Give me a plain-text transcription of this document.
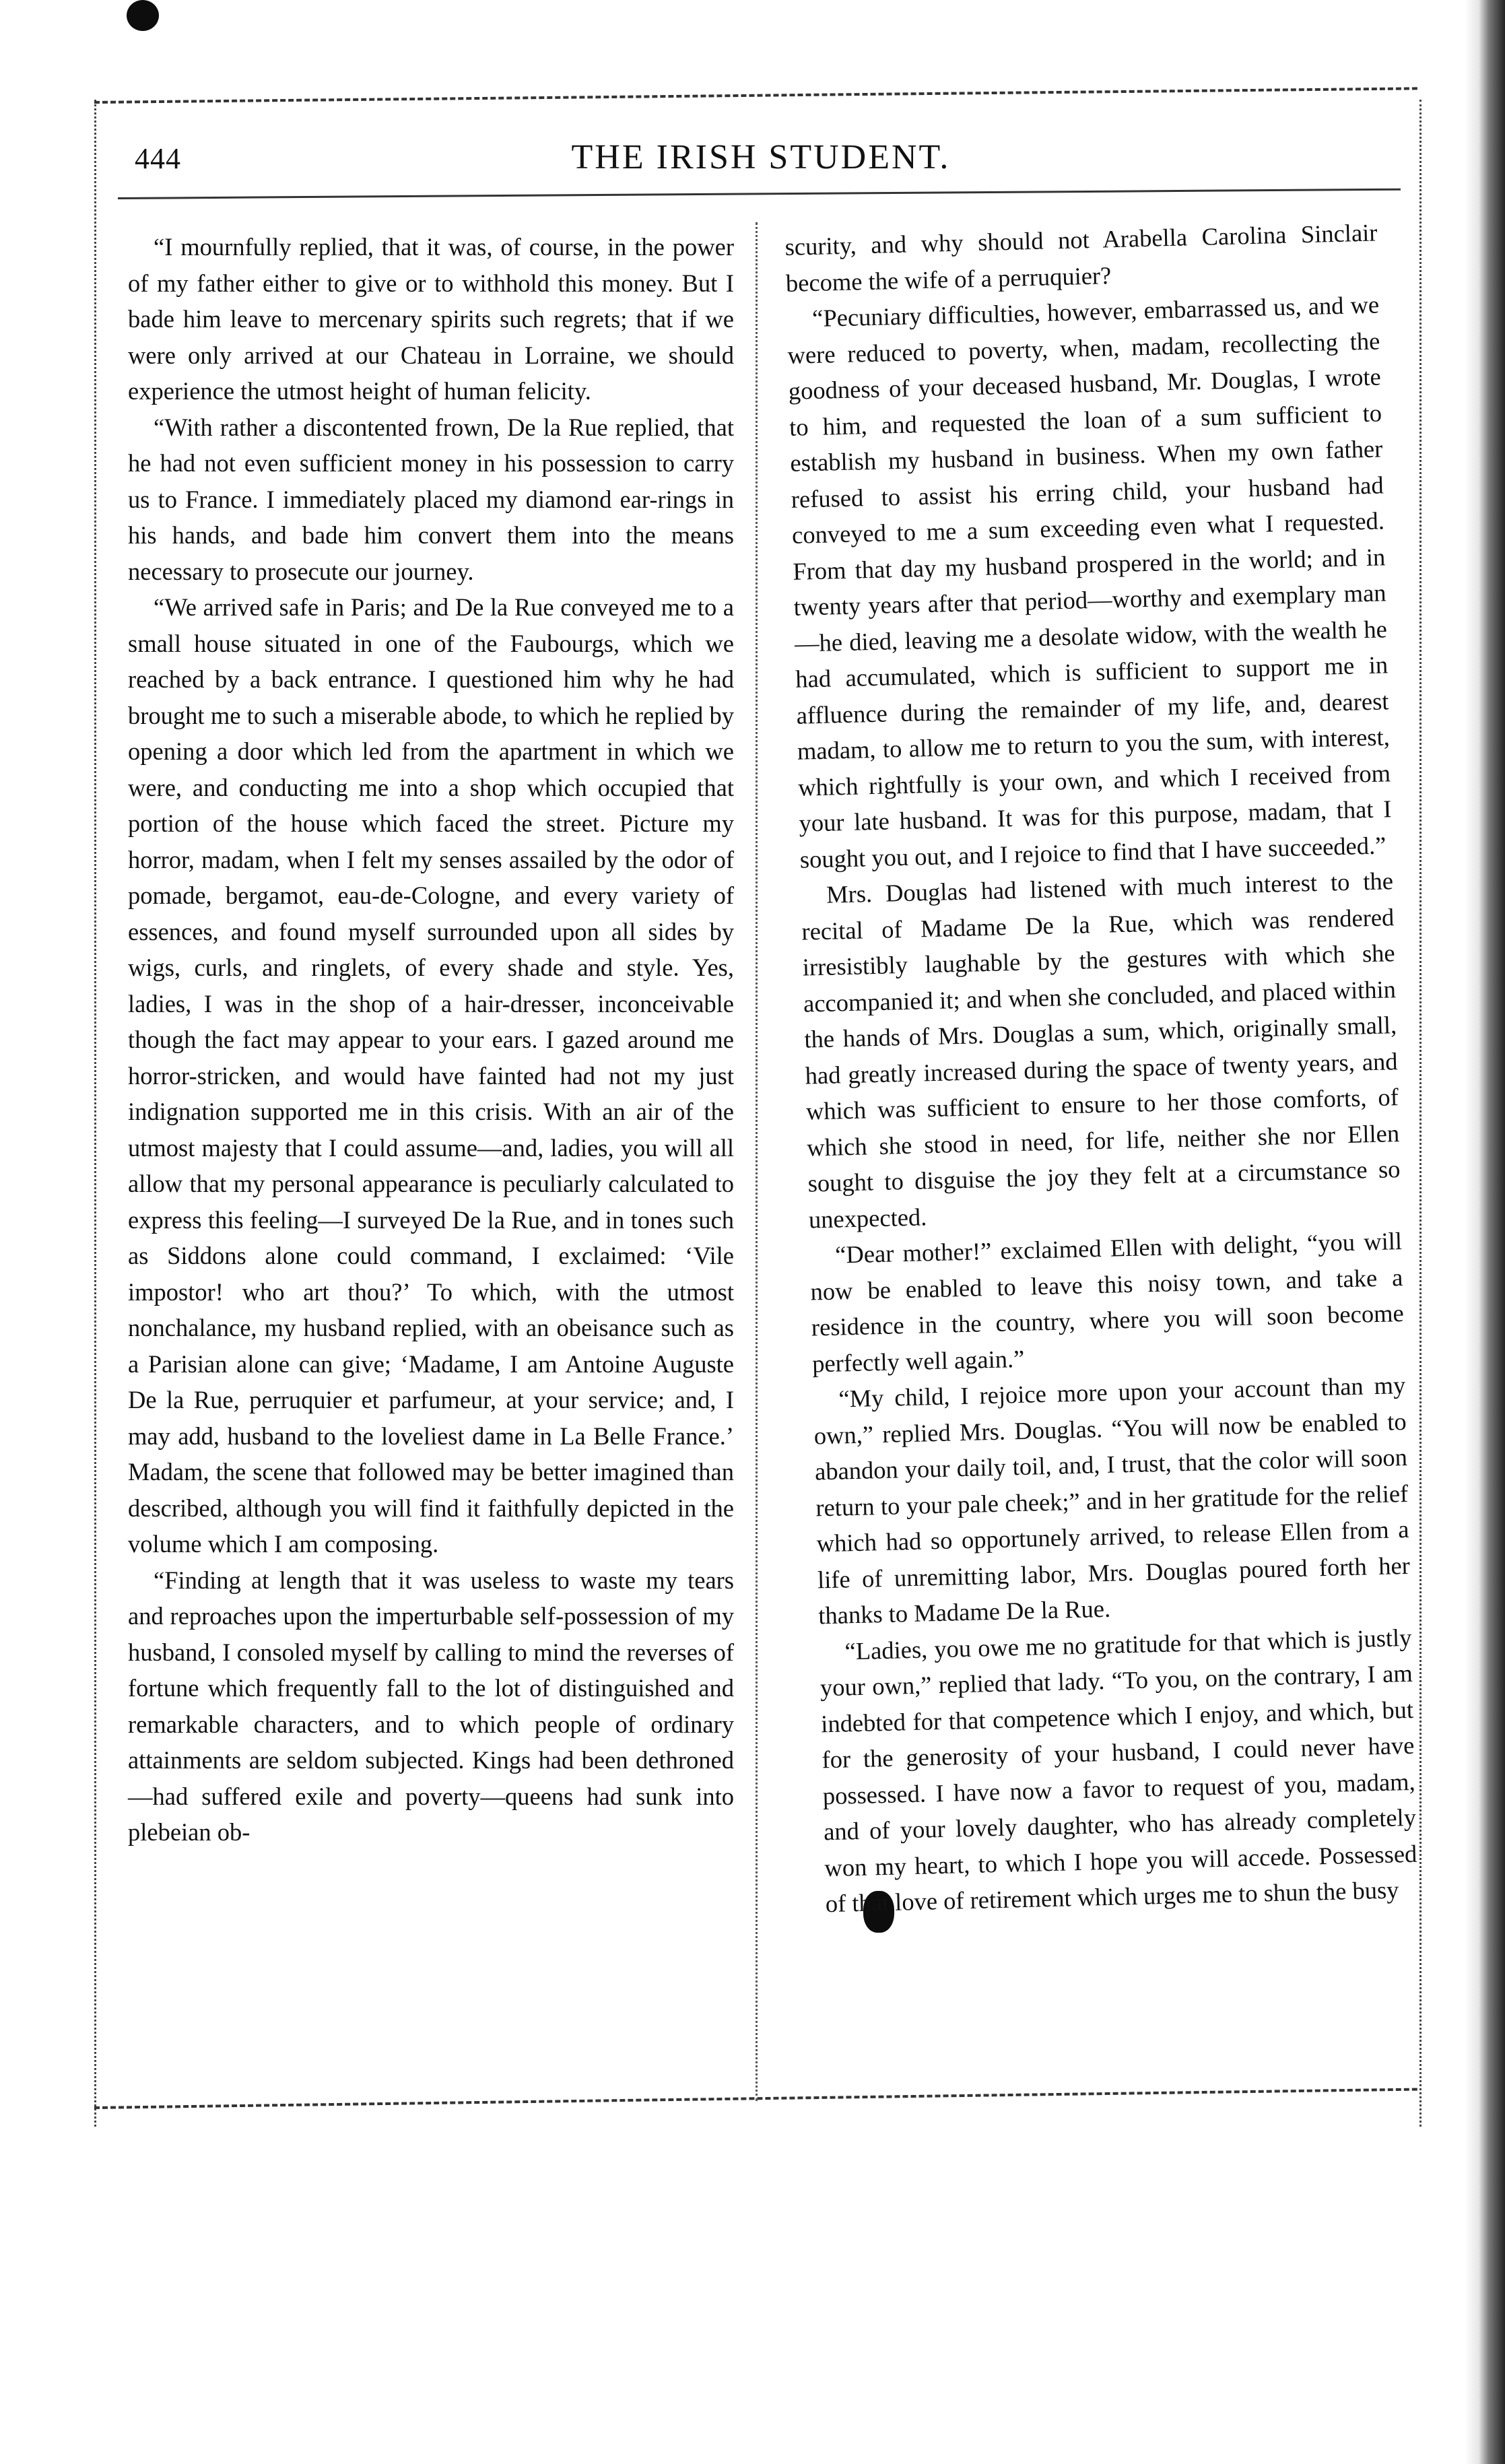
444	THE IRISH STUDENT.

“I mournfully replied, that it was, of course, in the power of my father either to give or to withhold this money. But I bade him leave to mercenary spirits such regrets; that if we were only arrived at our Chateau in Lorraine, we should experience the utmost height of human felicity.

“With rather a discontented frown, De la Rue replied, that he had not even sufficient money in his possession to carry us to France. I immediately placed my diamond ear-rings in his hands, and bade him convert them into the means necessary to prosecute our journey.

“We arrived safe in Paris; and De la Rue conveyed me to a small house situated in one of the Faubourgs, which we reached by a back entrance. I questioned him why he had brought me to such a miserable abode, to which he replied by opening a door which led from the apartment in which we were, and conducting me into a shop which occupied that portion of the house which faced the street. Picture my horror, madam, when I felt my senses assailed by the odor of pomade, bergamot, eau-de-Cologne, and every variety of essences, and found myself surrounded upon all sides by wigs, curls, and ringlets, of every shade and style. Yes, ladies, I was in the shop of a hair-dresser, inconceivable though the fact may appear to your ears. I gazed around me horror-stricken, and would have fainted had not my just indignation supported me in this crisis. With an air of the utmost majesty that I could assume—and, ladies, you will all allow that my personal appearance is peculiarly calculated to express this feeling—I surveyed De la Rue, and in tones such as Siddons alone could command, I exclaimed: ‘Vile impostor! who art thou?’ To which, with the utmost nonchalance, my husband replied, with an obeisance such as a Parisian alone can give; ‘Madame, I am Antoine Auguste De la Rue, perruquier et parfumeur, at your service; and, I may add, husband to the loveliest dame in La Belle France.’ Madam, the scene that followed may be better imagined than described, although you will find it faithfully depicted in the volume which I am composing.

“Finding at length that it was useless to waste my tears and reproaches upon the imperturbable self-possession of my husband, I consoled myself by calling to mind the reverses of fortune which frequently fall to the lot of distinguished and remarkable characters, and to which people of ordinary attainments are seldom subjected. Kings had been dethroned—had suffered exile and poverty—queens had sunk into plebeian ob-

scurity, and why should not Arabella Carolina Sinclair become the wife of a perruquier?

“Pecuniary difficulties, however, embarrassed us, and we were reduced to poverty, when, madam, recollecting the goodness of your deceased husband, Mr. Douglas, I wrote to him, and requested the loan of a sum sufficient to establish my husband in business. When my own father refused to assist his erring child, your husband had conveyed to me a sum exceeding even what I requested. From that day my husband prospered in the world; and in twenty years after that period—worthy and exemplary man—he died, leaving me a desolate widow, with the wealth he had accumulated, which is sufficient to support me in affluence during the remainder of my life, and, dearest madam, to allow me to return to you the sum, with interest, which rightfully is your own, and which I received from your late husband. It was for this purpose, madam, that I sought you out, and I rejoice to find that I have succeeded.”

Mrs. Douglas had listened with much interest to the recital of Madame De la Rue, which was rendered irresistibly laughable by the gestures with which she accompanied it; and when she concluded, and placed within the hands of Mrs. Douglas a sum, which, originally small, had greatly increased during the space of twenty years, and which was sufficient to ensure to her those comforts, of which she stood in need, for life, neither she nor Ellen sought to disguise the joy they felt at a circumstance so unexpected.

“Dear mother!” exclaimed Ellen with delight, “you will now be enabled to leave this noisy town, and take a residence in the country, where you will soon become perfectly well again.”

“My child, I rejoice more upon your account than my own,” replied Mrs. Douglas. “You will now be enabled to abandon your daily toil, and, I trust, that the color will soon return to your pale cheek;” and in her gratitude for the relief which had so opportunely arrived, to release Ellen from a life of unremitting labor, Mrs. Douglas poured forth her thanks to Madame De la Rue.

“Ladies, you owe me no gratitude for that which is justly your own,” replied that lady. “To you, on the contrary, I am indebted for that competence which I enjoy, and which, but for the generosity of your husband, I could never have possessed. I have now a favor to request of you, madam, and of your lovely daughter, who has already completely won my heart, to which I hope you will accede. Possessed of that love of retirement which urges me to shun the busy
